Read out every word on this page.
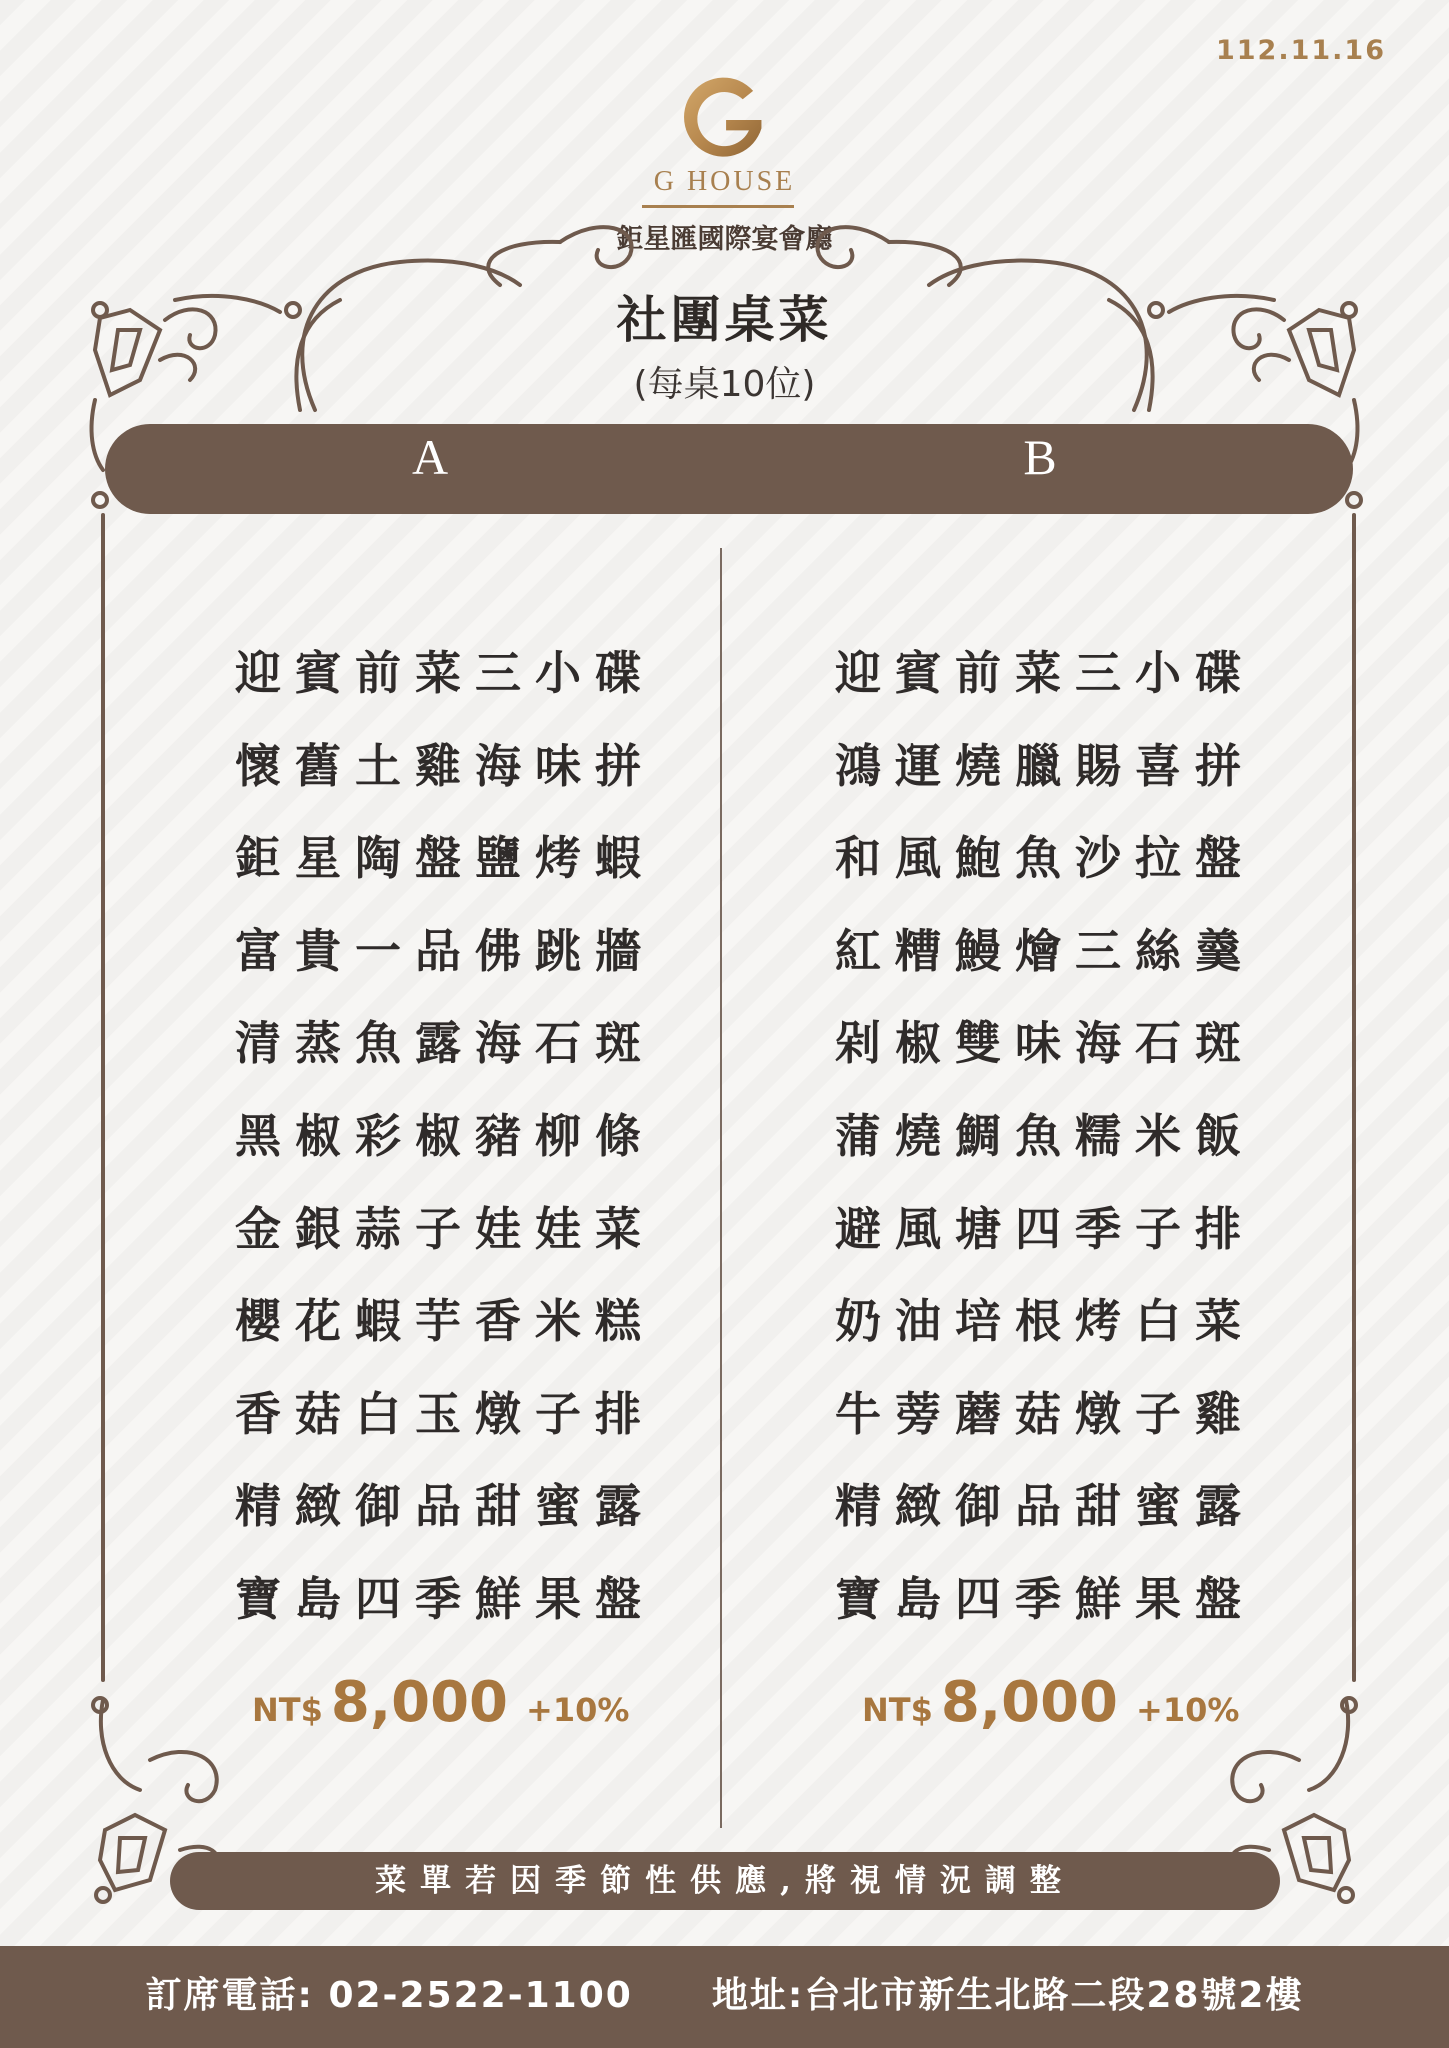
112.11.16
G HOUSE
鉅星匯國際宴會廳
社團桌菜
(每桌10位)
A	B
迎賓前菜三小碟
懷舊土雞海味拼
鉅星陶盤鹽烤蝦
富貴一品佛跳牆
清蒸魚露海石斑
黑椒彩椒豬柳條
金銀蒜子娃娃菜
櫻花蝦芋香米糕
香菇白玉燉子排
精緻御品甜蜜露
寶島四季鮮果盤
NT$ 8,000 +10%
迎賓前菜三小碟
鴻運燒臘賜喜拼
和風鮑魚沙拉盤
紅糟鰻燴三絲羹
剁椒雙味海石斑
蒲燒鯛魚糯米飯
避風塘四季子排
奶油培根烤白菜
牛蒡蘑菇燉子雞
精緻御品甜蜜露
寶島四季鮮果盤
NT$ 8,000 +10%
菜單若因季節性供應,將視情況調整
訂席電話: 02-2522-1100 地址:台北市新生北路二段28號2樓
